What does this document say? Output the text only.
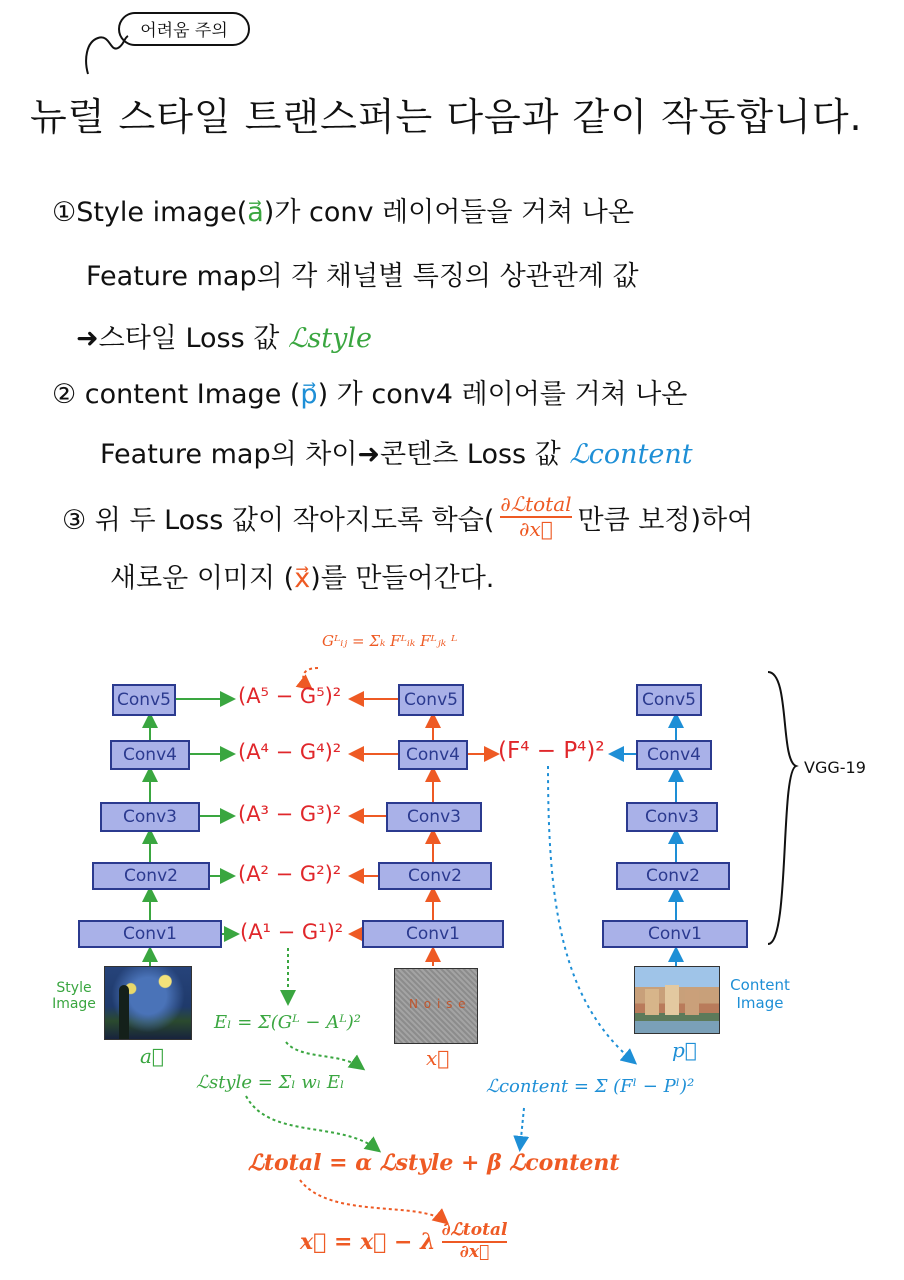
어려움 주의
뉴럴 스타일 트랜스퍼는 다음과 같이 작동합니다.
①Style image(a⃗)가 conv 레이어들을 거쳐 나온
Feature map의 각 채널별 특징의 상관관계 값
➜스타일 Loss 값 ℒstyle
② content Image (p⃗) 가 conv4 레이어를 거쳐 나온
Feature map의 차이➜콘텐츠 Loss 값 ℒcontent
③ 위 두 Loss 값이 작아지도록 학습( $\frac{\text{∂ℒtotal}}{\partial x⃗}$ 만큼 보정)하여
새로운 이미지 (x⃗)를 만들어간다.
Gᴸᵢⱼ = Σₖ Fᴸᵢₖ Fᴸⱼₖ ᴸ
Conv5
Conv4
Conv3
Conv2
Conv1
Conv5
Conv4
Conv3
Conv2
Conv1
Conv5
Conv4
Conv3
Conv2
Conv1
(A⁵ − G⁵)²
(A⁴ − G⁴)²
(A³ − G³)²
(A² − G²)²
(A¹ − G¹)²
(F⁴ − P⁴)²
VGG-19
Style Image
a⃗
N o i s e
x⃗
Content Image
p⃗
Eₗ = Σ(Gᴸ − Aᴸ)²
ℒstyle = Σₗ wₗ Eₗ	ℒcontent = Σ (Fˡ − Pˡ)²
ℒtotal = α ℒstyle + β ℒcontent
x⃗ = x⃗ − λ $\frac{\text{∂ℒtotal}}{\partial x⃗}$
